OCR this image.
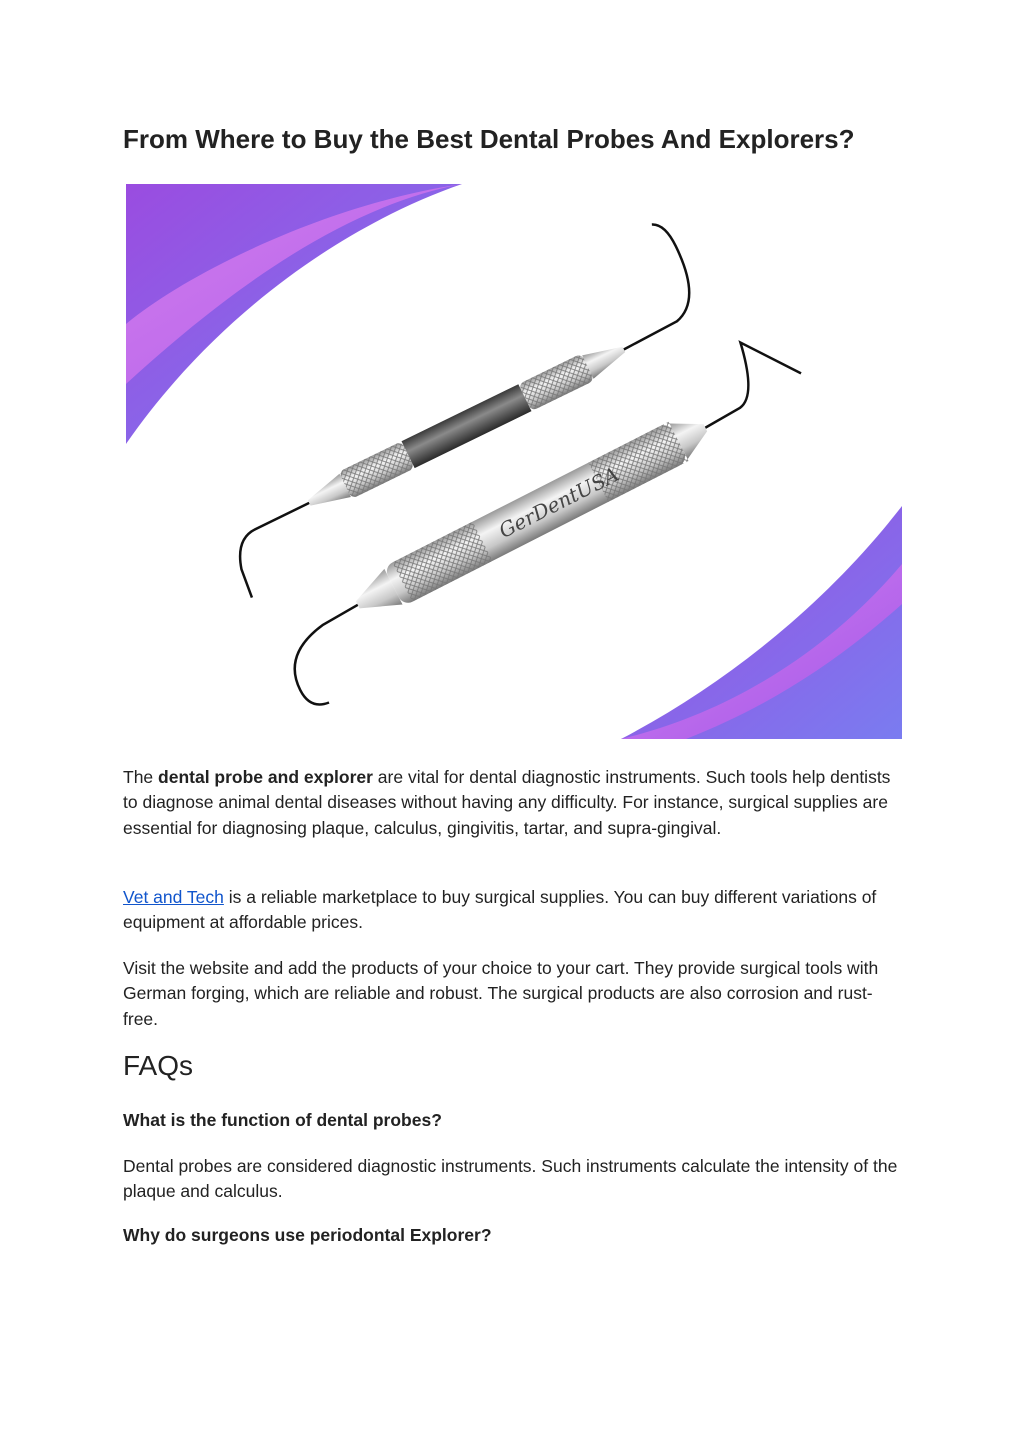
From Where to Buy the Best Dental Probes And Explorers?
GerDentUSA

The dental probe and explorer are vital for dental diagnostic instruments. Such tools help dentists to diagnose animal dental diseases without having any difficulty. For instance, surgical supplies are essential for diagnosing plaque, calculus, gingivitis, tartar, and supra-gingival.

Vet and Tech is a reliable marketplace to buy surgical supplies. You can buy different variations of equipment at affordable prices.

Visit the website and add the products of your choice to your cart. They provide surgical tools with German forging, which are reliable and robust. The surgical products are also corrosion and rust-free.

FAQs

What is the function of dental probes?

Dental probes are considered diagnostic instruments. Such instruments calculate the intensity of the plaque and calculus.

Why do surgeons use periodontal Explorer?
